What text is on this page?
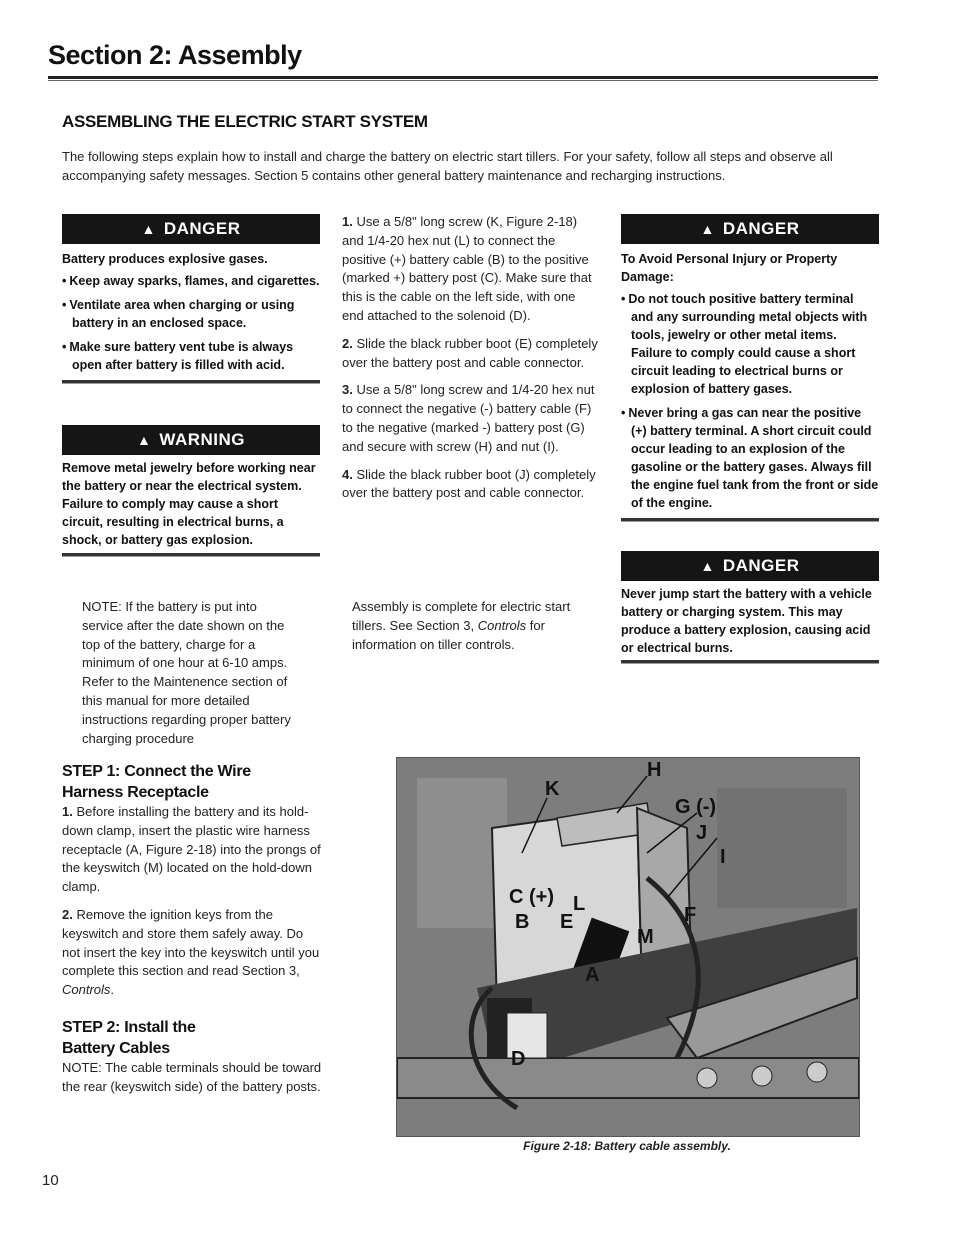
Section 2: Assembly
ASSEMBLING THE ELECTRIC START SYSTEM
The following steps explain how to install and charge the battery on electric start tillers. For your safety, follow all steps and observe all accompanying safety messages. Section 5 contains other general battery maintenance and recharging instructions.
▲ DANGER

Battery produces explosive gases.

• Keep away sparks, flames, and cigarettes.
• Ventilate area when charging or using battery in an enclosed space.
• Make sure battery vent tube is always open after battery is filled with acid.
▲ WARNING

Remove metal jewelry before working near the battery or near the electrical system. Failure to comply may cause a short circuit, resulting in electrical burns, a shock, or battery gas explosion.

NOTE: If the battery is put into service after the date shown on the top of the battery, charge for a minimum of one hour at 6-10 amps. Refer to the Maintenence section of this manual for more detailed instructions regarding proper battery charging procedure
STEP 1: Connect the Wire
Harness Receptacle

1. Before installing the battery and its hold-down clamp, insert the plastic wire harness receptacle (A, Figure 2-18) into the prongs of the keyswitch (M) located on the hold-down clamp.

2. Remove the ignition keys from the keyswitch and store them safely away. Do not insert the key into the keyswitch until you complete this section and read Section 3, Controls.

STEP 2: Install the
Battery Cables
NOTE: The cable terminals should be toward the rear (keyswitch side) of the battery posts.

1. Use a 5/8" long screw (K, Figure 2-18) and 1/4-20 hex nut (L) to connect the positive (+) battery cable (B) to the positive (marked +) battery post (C). Make sure that this is the cable on the left side, with one end attached to the solenoid (D).

2. Slide the black rubber boot (E) completely over the battery post and cable connector.

3. Use a 5/8" long screw and 1/4-20 hex nut to connect the negative (-) battery cable (F) to the negative (marked -) battery post (G) and secure with screw (H) and nut (I).

4. Slide the black rubber boot (J) completely over the battery post and cable connector.

Assembly is complete for electric start tillers. See Section 3, Controls for information on tiller controls.
▲ DANGER

To Avoid Personal Injury or Property Damage:

• Do not touch positive battery terminal and any surrounding metal objects with tools, jewelry or other metal items. Failure to comply could cause a short circuit leading to electrical burns or explosion of battery gases.
• Never bring a gas can near the positive (+) battery terminal. A short circuit could occur leading to an explosion of the gasoline or the battery gases. Always fill the engine fuel tank from the front or side of the engine.
▲ DANGER

Never jump start the battery with a vehicle battery or charging system. This may produce a battery explosion, causing acid or electrical burns.

H
K
G (-)
J
I
C (+) L	F
B E
M
A
D
Figure 2-18: Battery cable assembly.
10
